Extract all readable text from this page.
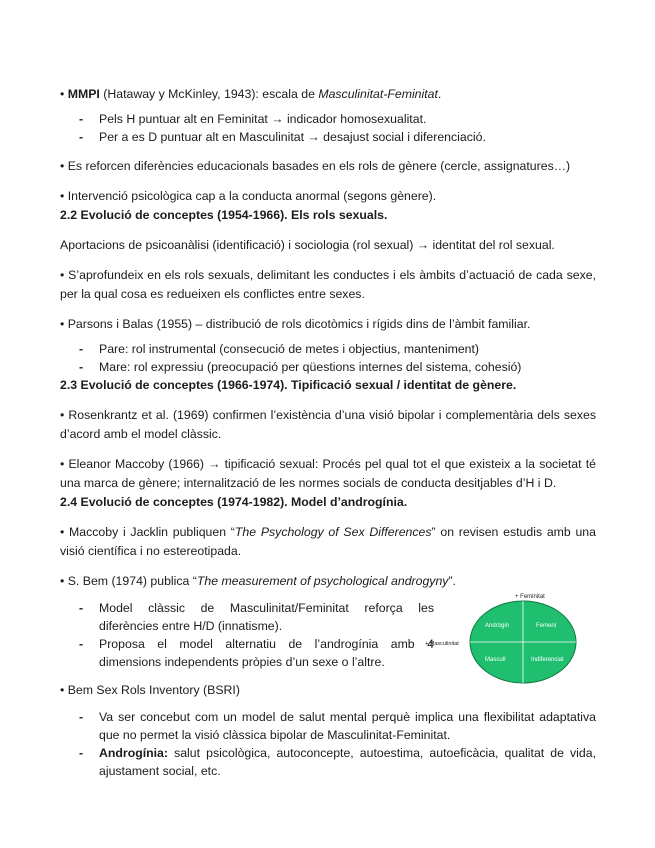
• MMPI (Hataway y McKinley, 1943): escala de Masculinitat-Feminitat.

- Pels H puntuar alt en Feminitat → indicador homosexualitat.
- Per a es D puntuar alt en Masculinitat → desajust social i diferenciació.

• Es reforcen diferències educacionals basades en els rols de gènere (cercle, assignatures…)

• Intervenció psicològica cap a la conducta anormal (segons gènere).

2.2 Evolució de conceptes (1954-1966). Els rols sexuals.

Aportacions de psicoanàlisi (identificació) i sociologia (rol sexual) → identitat del rol sexual.

• S’aprofundeix en els rols sexuals, delimitant les conductes i els àmbits d’actuació de cada sexe, per la qual cosa es redueixen els conflictes entre sexes.

• Parsons i Balas (1955) – distribució de rols dicotòmics i rígids dins de l’àmbit familiar.

- Pare: rol instrumental (consecució de metes i objectius, manteniment)
- Mare: rol expressiu (preocupació per qüestions internes del sistema, cohesió)

2.3 Evolució de conceptes (1966-1974). Tipificació sexual / identitat de gènere.

• Rosenkrantz et al. (1969) confirmen l’existència d’una visió bipolar i complementària dels sexes d’acord amb el model clàssic.

• Eleanor Maccoby (1966) → tipificació sexual: Procés pel qual tot el que existeix a la societat té una marca de gènere; internalització de les normes socials de conducta desitjables d’H i D.

2.4 Evolució de conceptes (1974-1982). Model d’androgínia.

• Maccoby i Jacklin publiquen “The Psychology of Sex Differences” on revisen estudis amb una visió científica i no estereotipada.

• S. Bem (1974) publica “The measurement of psychological androgyny”.

- Model clàssic de Masculinitat/Feminitat reforça les diferències entre H/D (innatisme).
- Proposa el model alternatiu de l’androgínia amb 4 dimensions independents pròpies d’un sexe o l’altre.
+ Feminitat
+ Masculinitat
Andrògin	Femení
Masculí	Indiferenciat

• Bem Sex Rols Inventory (BSRI)

- Va ser concebut com un model de salut mental perquè implica una flexibilitat adaptativa que no permet la visió clàssica bipolar de Masculinitat-Feminitat.
- Androgínia: salut psicològica, autoconcepte, autoestima, autoeficàcia, qualitat de vida, ajustament social, etc.
